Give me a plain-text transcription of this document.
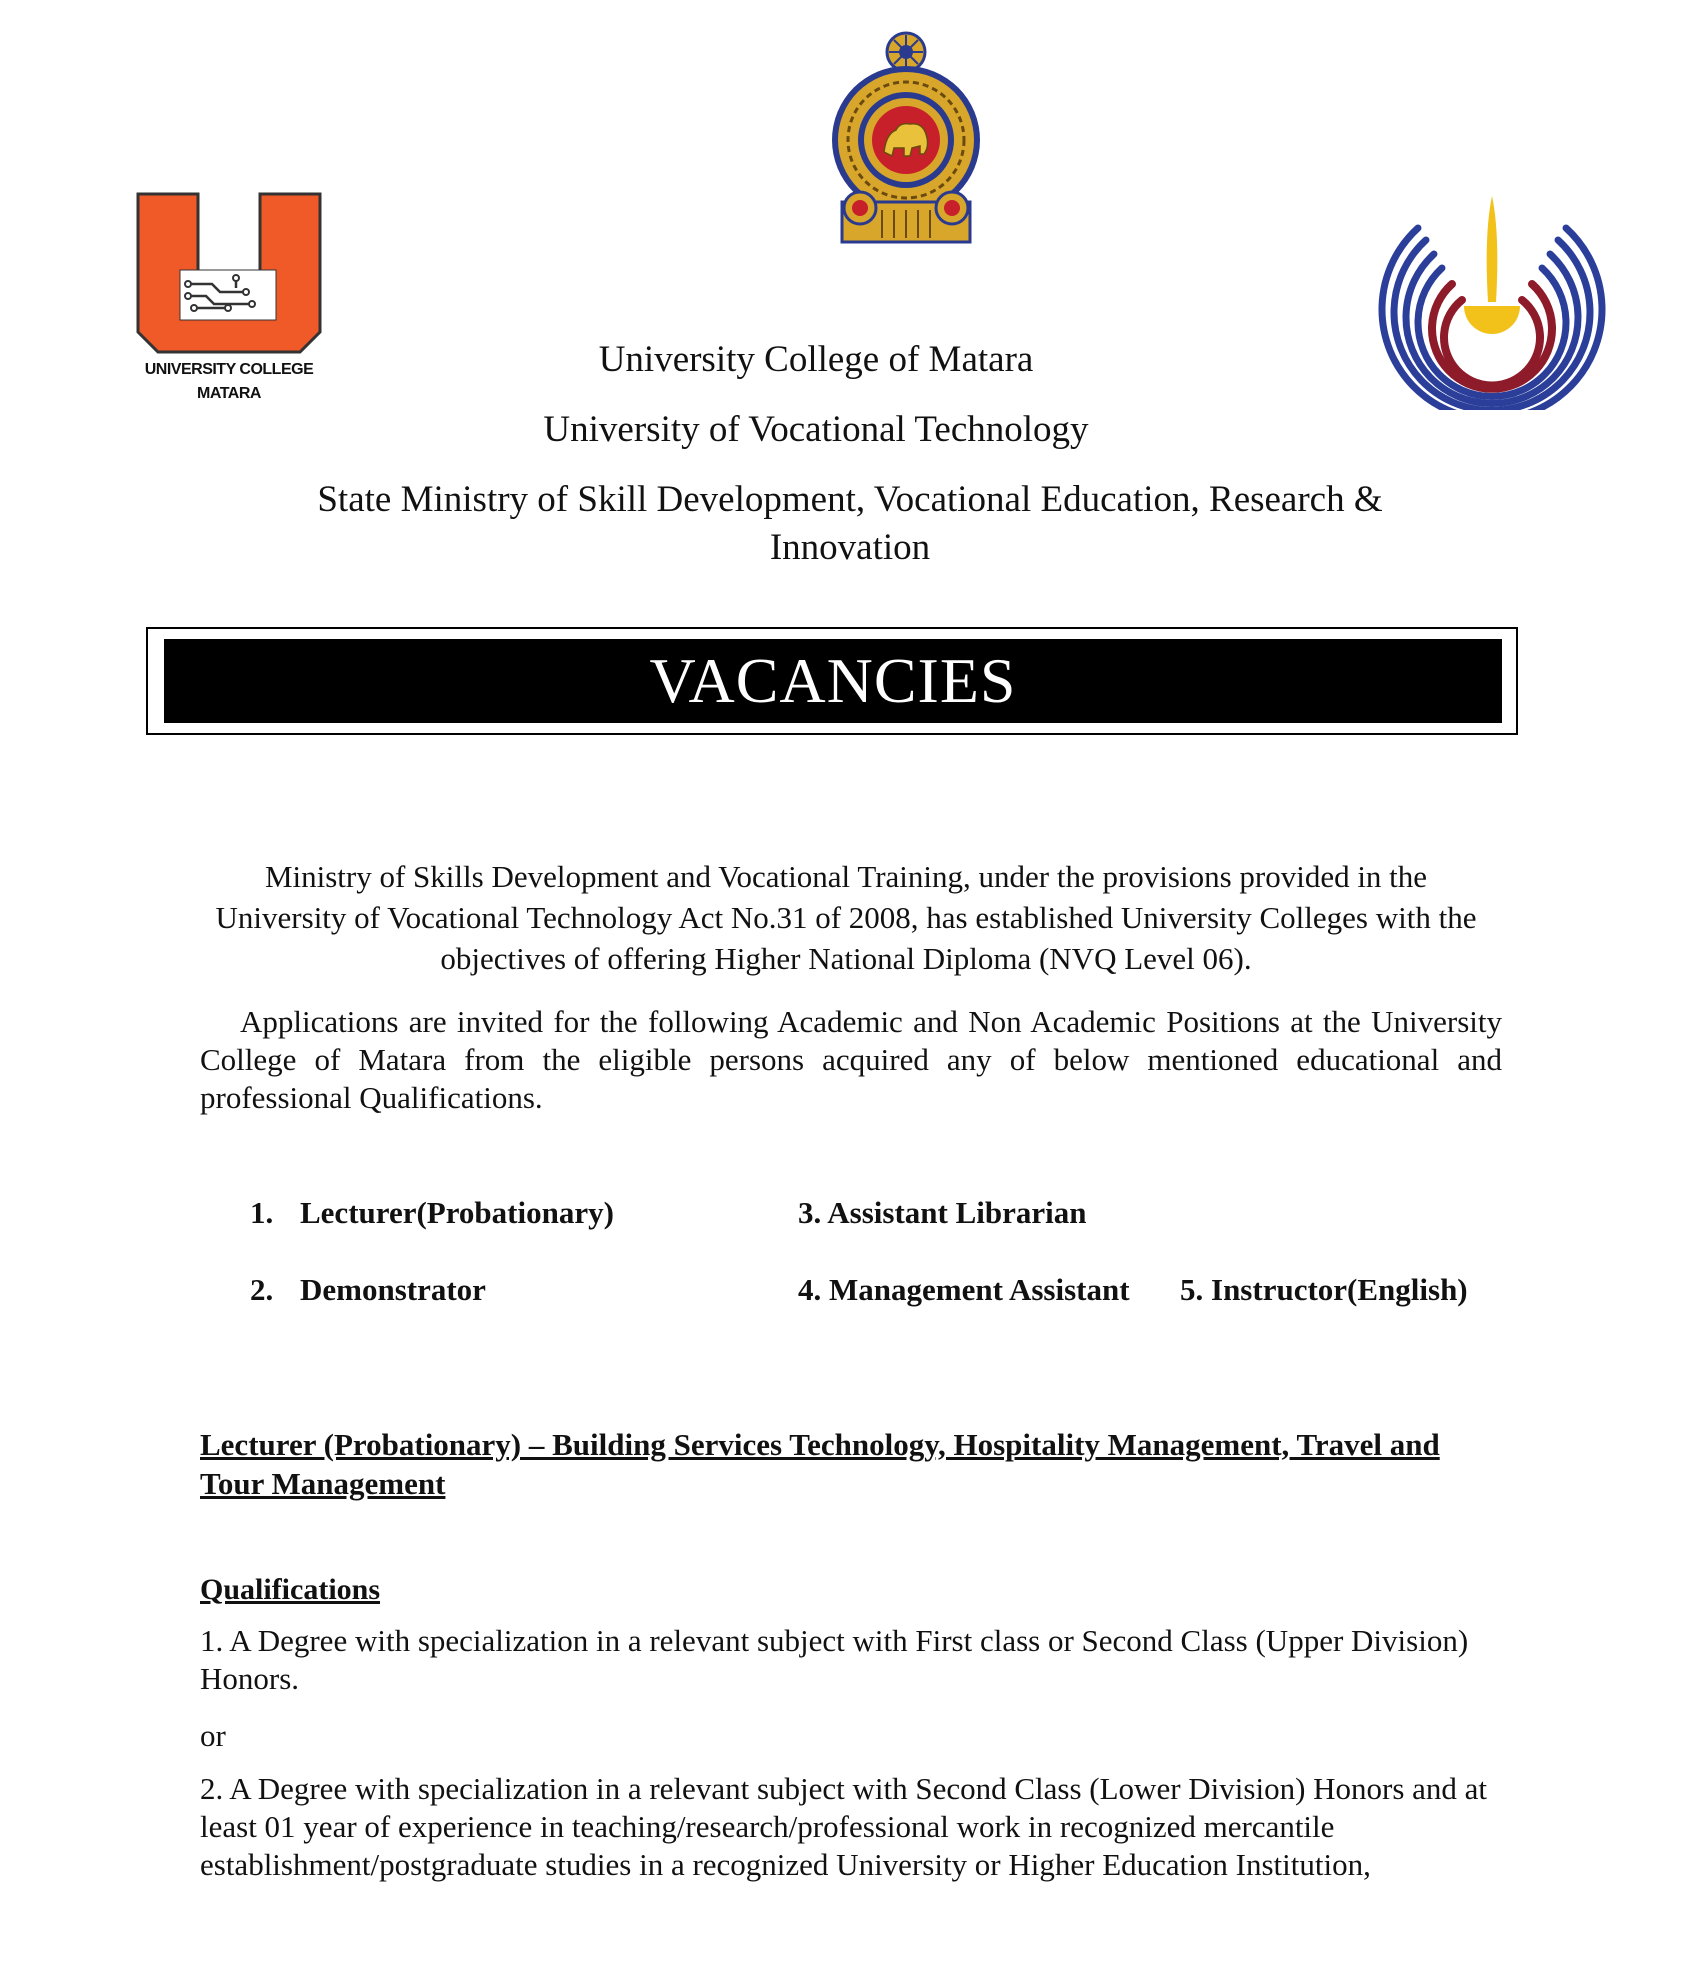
UNIVERSITY COLLEGE
MATARA
University College of Matara
University of Vocational Technology
State Ministry of Skill Development, Vocational Education, Research & Innovation
VACANCIES
Ministry of Skills Development and Vocational Training, under the provisions provided in the University of Vocational Technology Act No.31 of 2008, has established University Colleges with the objectives of offering Higher National Diploma (NVQ Level 06).
Applications are invited for the following Academic and Non Academic Positions at the University College of Matara from the eligible persons acquired any of below mentioned educational and professional Qualifications.
1. Lecturer(Probationary)
2. Demonstrator
3. Assistant Librarian
4. Management Assistant 5. Instructor(English)
Lecturer (Probationary) – Building Services Technology, Hospitality Management, Travel and Tour Management
Qualifications
1. A Degree with specialization in a relevant subject with First class or Second Class (Upper Division) Honors.
or
2. A Degree with specialization in a relevant subject with Second Class (Lower Division) Honors and at least 01 year of experience in teaching/research/professional work in recognized mercantile establishment/postgraduate studies in a recognized University or Higher Education Institution,
